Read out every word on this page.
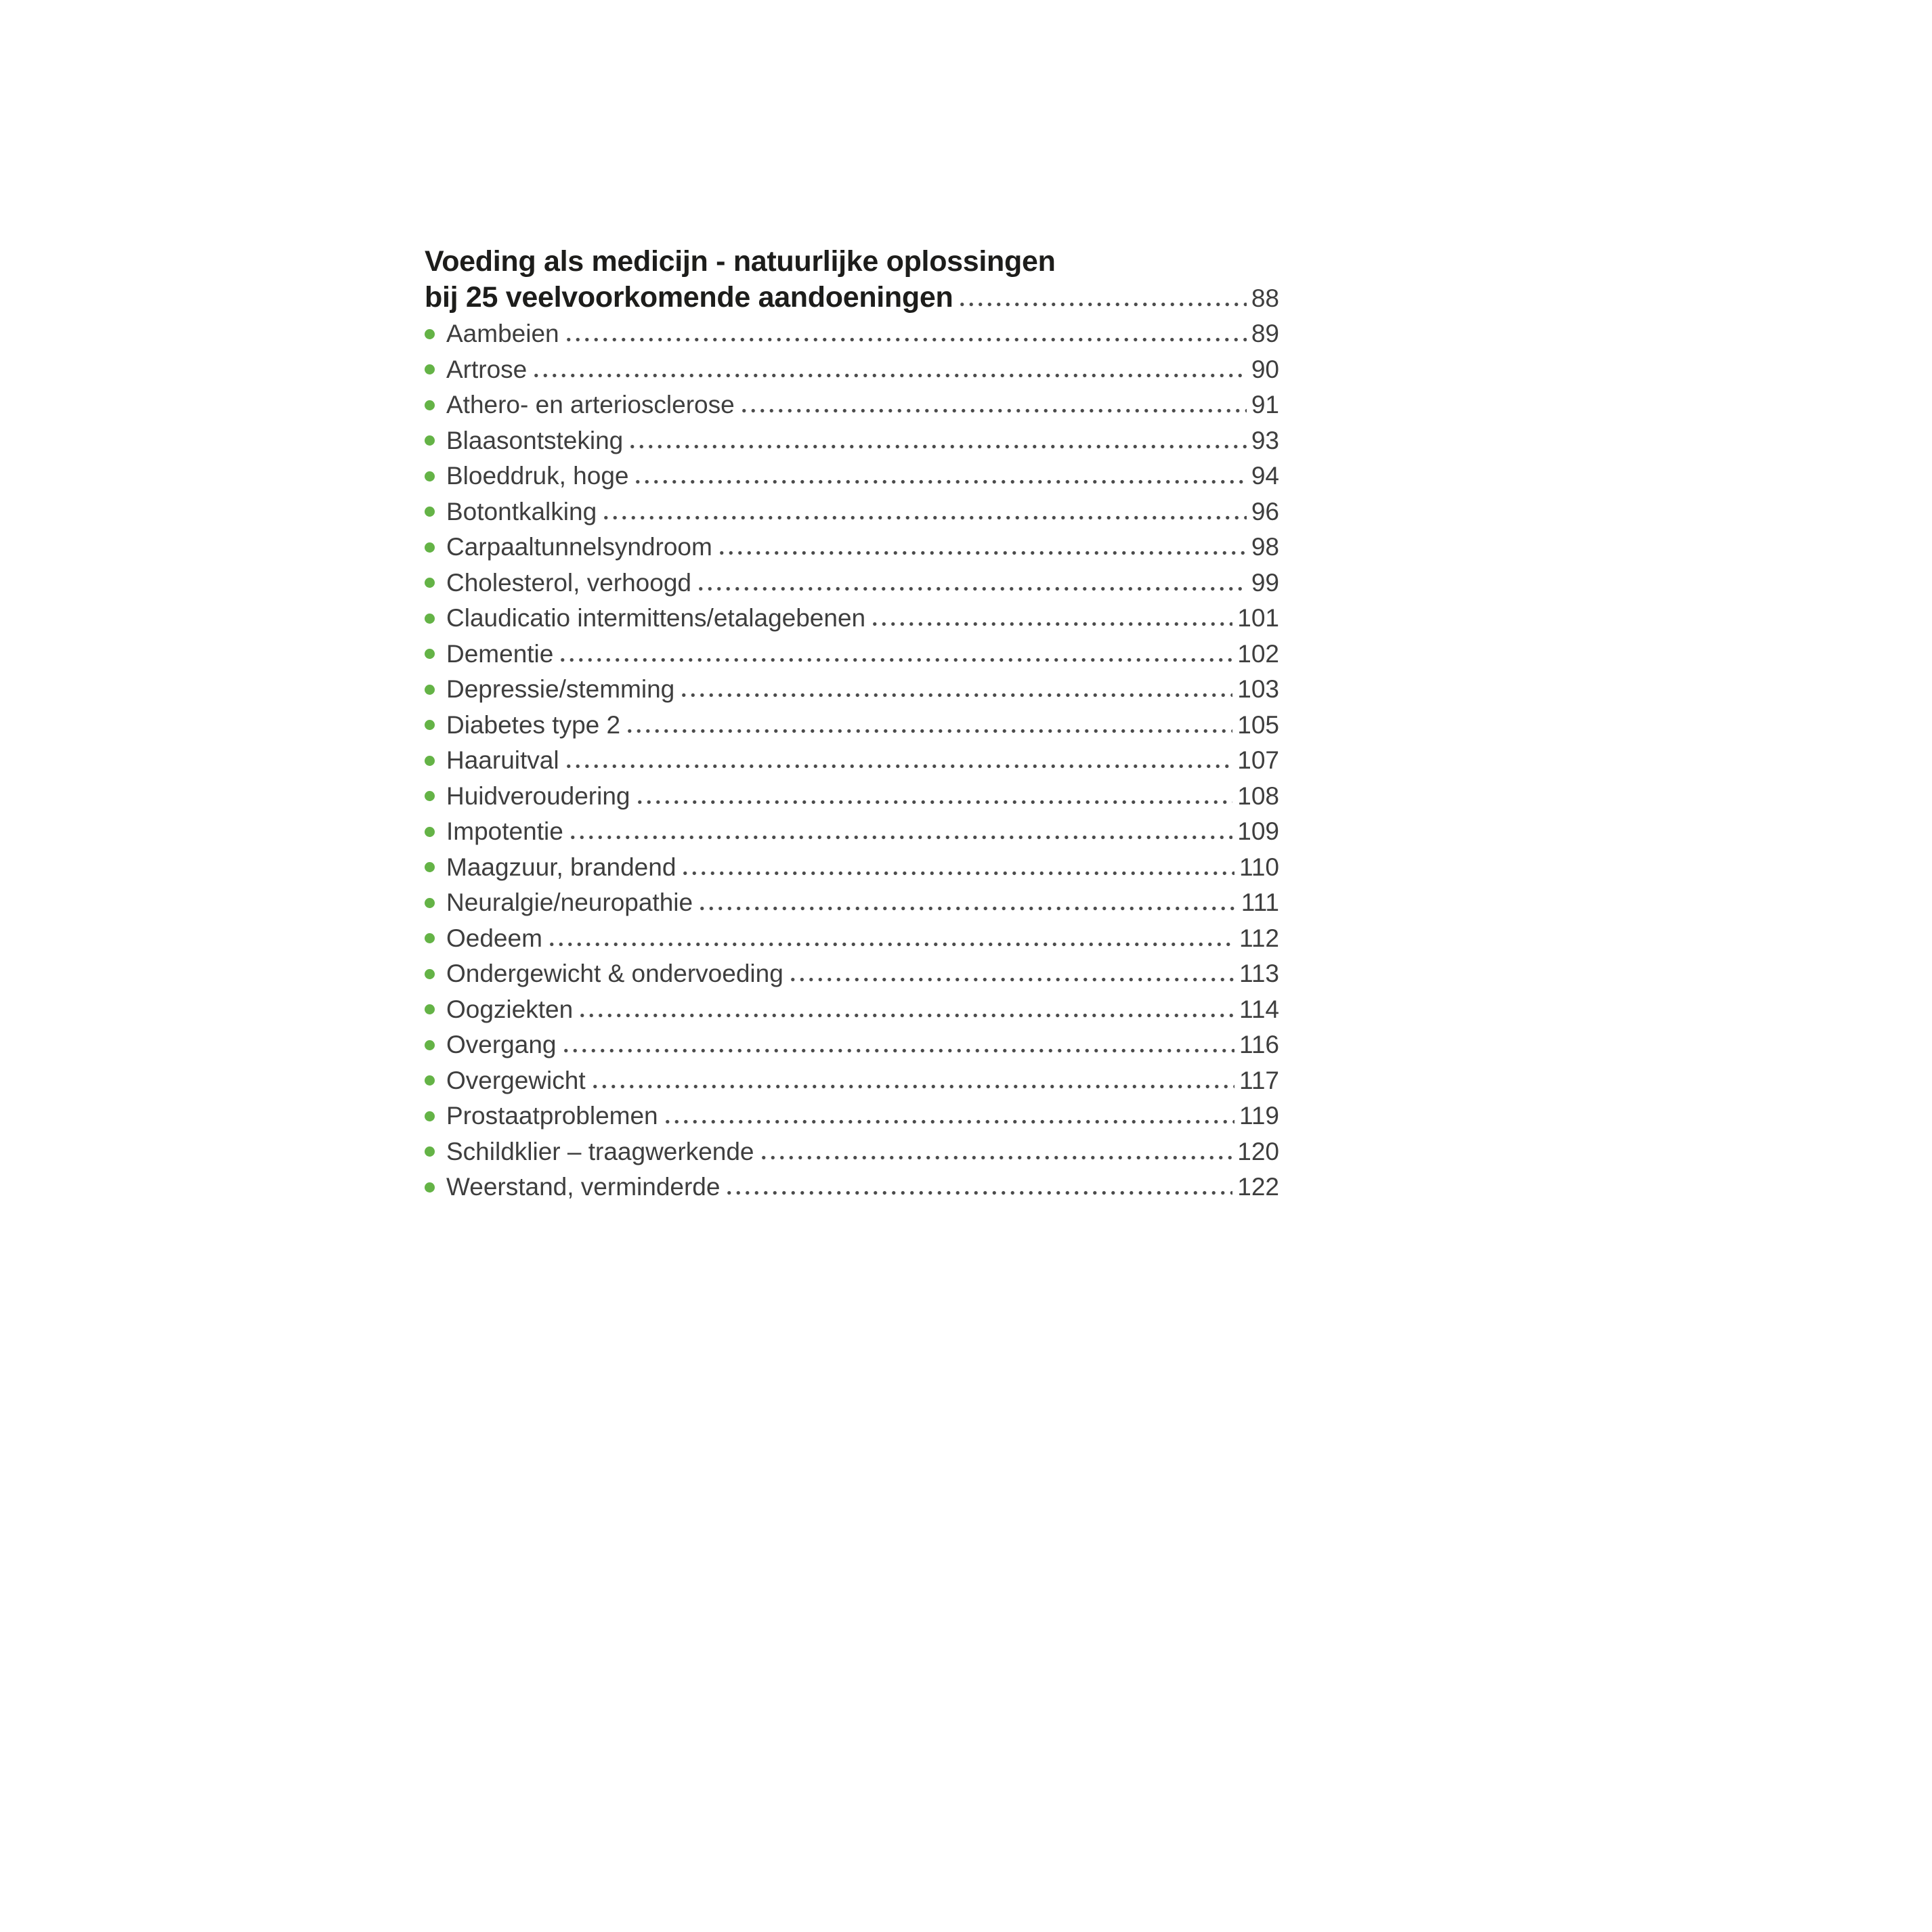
Voeding als medicijn - natuurlijke oplossingen
bij 25 veelvoorkomende aandoeningen	88
Aambeien	89
Artrose	90
Athero- en arteriosclerose	91
Blaasontsteking	93
Bloeddruk, hoge	94
Botontkalking	96
Carpaaltunnelsyndroom	98
Cholesterol, verhoogd	99
Claudicatio intermittens/etalagebenen	101
Dementie	102
Depressie/stemming	103
Diabetes type 2	105
Haaruitval	107
Huidveroudering	108
Impotentie	109
Maagzuur, brandend	110
Neuralgie/neuropathie	111
Oedeem	112
Ondergewicht & ondervoeding	113
Oogziekten	114
Overgang	116
Overgewicht	117
Prostaatproblemen	119
Schildklier – traagwerkende	120
Weerstand, verminderde	122
